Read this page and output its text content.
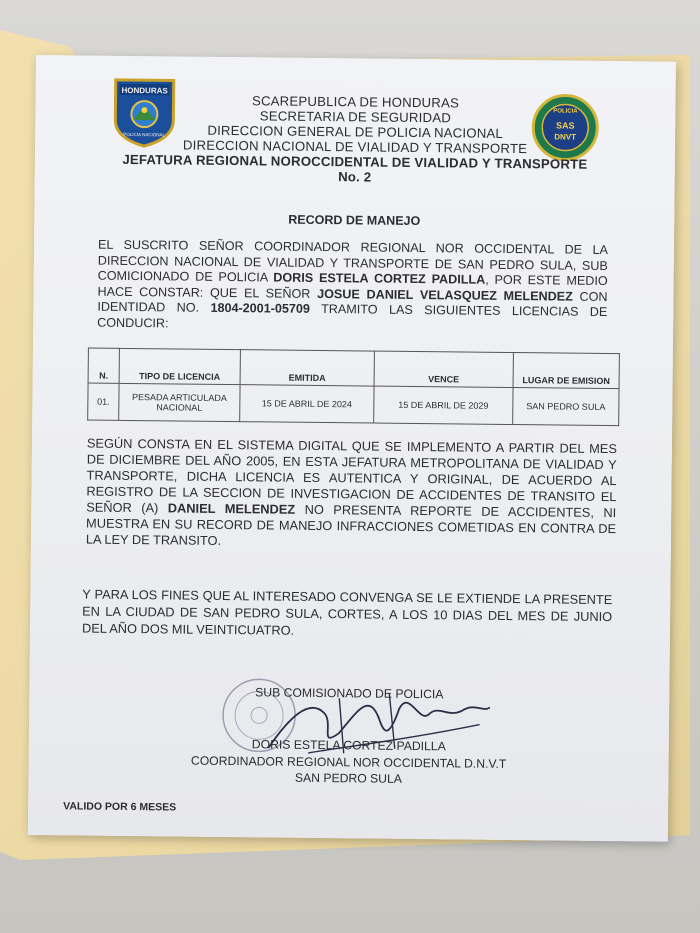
HONDURAS
POLICIA NACIONAL
POLICIA
SAS
DNVT
SCAREPUBLICA DE HONDURAS
SECRETARIA DE SEGURIDAD
DIRECCION GENERAL DE POLICIA NACIONAL
DIRECCION NACIONAL DE VIALIDAD Y TRANSPORTE
JEFATURA REGIONAL NOROCCIDENTAL DE VIALIDAD Y TRANSPORTE
No. 2
RECORD DE MANEJO
EL SUSCRITO SEÑOR COORDINADOR REGIONAL NOR OCCIDENTAL DE LA DIRECCION NACIONAL DE VIALIDAD Y TRANSPORTE DE SAN PEDRO SULA, SUB COMICIONADO DE POLICIA DORIS ESTELA CORTEZ PADILLA, POR ESTE MEDIO HACE CONSTAR: QUE EL SEÑOR JOSUE DANIEL VELASQUEZ MELENDEZ CON IDENTIDAD NO. 1804-2001-05709 TRAMITO LAS SIGUIENTES LICENCIAS DE CONDUCIR:
N.	TIPO DE LICENCIA	EMITIDA	VENCE	LUGAR DE EMISION
01.	PESADA ARTICULADA NACIONAL	15 DE ABRIL DE 2024	15 DE ABRIL DE 2029	SAN PEDRO SULA
SEGÚN CONSTA EN EL SISTEMA DIGITAL QUE SE IMPLEMENTO A PARTIR DEL MES DE DICIEMBRE DEL AÑO 2005, EN ESTA JEFATURA METROPOLITANA DE VIALIDAD Y TRANSPORTE, DICHA LICENCIA ES AUTENTICA Y ORIGINAL, DE ACUERDO AL REGISTRO DE LA SECCION DE INVESTIGACION DE ACCIDENTES DE TRANSITO EL SEÑOR (A) DANIEL MELENDEZ NO PRESENTA REPORTE DE ACCIDENTES, NI MUESTRA EN SU RECORD DE MANEJO INFRACCIONES COMETIDAS EN CONTRA DE LA LEY DE TRANSITO.
Y PARA LOS FINES QUE AL INTERESADO CONVENGA SE LE EXTIENDE LA PRESENTE EN LA CIUDAD DE SAN PEDRO SULA, CORTES, A LOS 10 DIAS DEL MES DE JUNIO DEL AÑO DOS MIL VEINTICUATRO.
SUB COMISIONADO DE POLICIA
DORIS ESTELA CORTEZ PADILLA
COORDINADOR REGIONAL NOR OCCIDENTAL D.N.V.T
SAN PEDRO SULA
VALIDO POR 6 MESES
